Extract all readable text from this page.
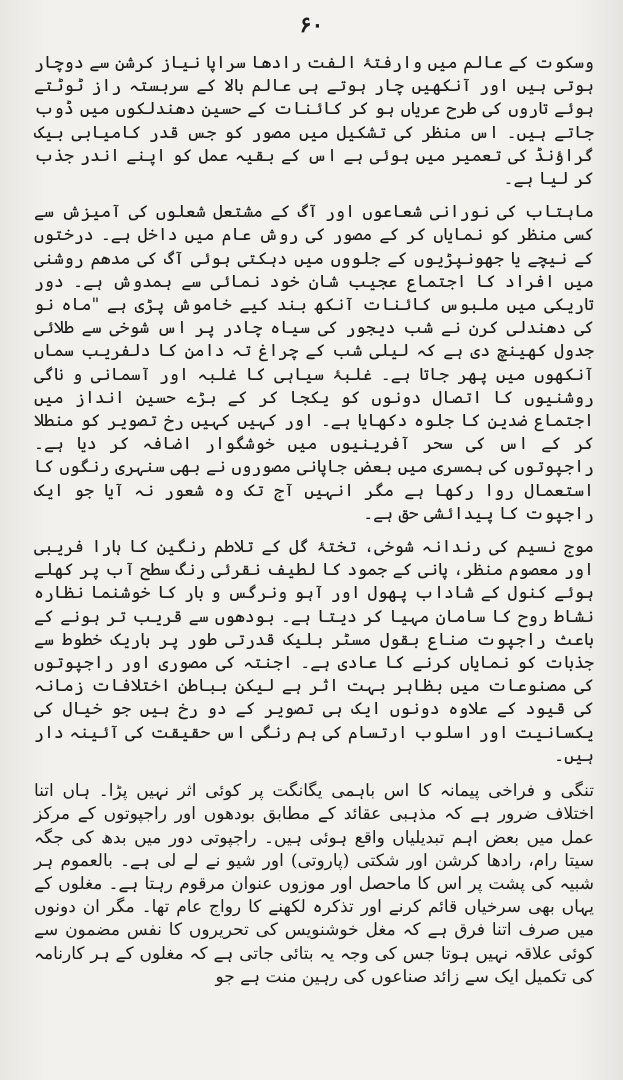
۶۰

وسکوت کے عالم میں وارفتۂ الفت رادھا سراپا نیاز کرشن سے دوچار ہوتی ہیں اور آنکھیں چار ہوتے ہی عالم بالا کے سربستہ راز ٹوٹتے ہوئے تاروں کی طرح عریاں ہو کر کائنات کے حسین دھندلکوں میں ڈوب جاتے ہیں۔ اس منظر کی تشکیل میں مصور کو جس قدر کامیابی بیک گراؤنڈ کی تعمیر میں ہوئی ہے اس کے بقیہ عمل کو اپنے اندر جذب کر لیا ہے۔

ماہتاب کی نورانی شعاعوں اور آگ کے مشتعل شعلوں کی آمیزش سے کسی منظر کو نمایاں کر کے مصور کی روش عام میں داخل ہے۔ درختوں کے نیچے یا جھونپڑیوں کے جلووں میں دہکتی ہوئی آگ کی مدھم روشنی میں افراد کا اجتماع عجیب شان خود نمائی سے ہمدوش ہے۔ دور تاریکی میں ملبوس کائنات آنکھ بند کیے خاموش پڑی ہے "ماہ نو کی دھندلی کرن نے شب دیجور کی سیاہ چادر پر اس شوخی سے طلائی جدول کھینچ دی ہے کہ لیلی شب کے چراغ تہ دامن کا دلفریب سماں آنکھوں میں پھر جاتا ہے۔ غلبۂ سیاہی کا غلبہ اور آسمانی و ناگی روشنیوں کا اتصال دونوں کو یکجا کر کے بڑے حسین انداز میں اجتماع ضدین کا جلوہ دکھایا ہے۔ اور کہیں کہیں رخ تصویر کو منطلا کر کے اس کی سحر آفرینیوں میں خوشگوار اضافہ کر دیا ہے۔ راجپوتوں کی ہمسری میں بعض جاپانی مصوروں نے بھی سنہری رنگوں کا استعمال روا رکھا ہے مگر انہیں آج تک وہ شعور نہ آیا جو ایک راجپوت کا پیدائشی حق ہے۔

موج نسیم کی رندانہ شوخی، تختۂ گل کے تلاطم رنگین کا ہارا فریبی اور معصوم منظر، پانی کے جمود کا لطیف نقرئی رنگ سطح آب پر کھلے ہوئے کنول کے شاداب پھول اور آہو ونرگس و بار کا خوشنما نظارہ نشاط روح کا سامان مہیا کر دیتا ہے۔ بودھوں سے قریب تر ہونے کے باعث راجپوت صناع بقول مسٹر بلیک قدرتی طور پر باریک خطوط سے جذبات کو نمایاں کرنے کا عادی ہے۔ اجنتہ کی مصوری اور راجپوتوں کی مصنوعات میں بظاہر بہت اثر ہے لیکن بباطن اختلافات زمانہ کی قیود کے علاوہ دونوں ایک ہی تصویر کے دو رخ ہیں جو خیال کی یکسانیت اور اسلوب ارتسام کی ہم رنگی اس حقیقت کی آئینہ دار ہیں۔

تنگی و فراخی پیمانہ کا اس باہمی یگانگت پر کوئی اثر نہیں پڑا۔ ہاں اتنا اختلاف ضرور ہے کہ مذہبی عقائد کے مطابق بودھوں اور راجپوتوں کے مرکز عمل میں بعض اہم تبدیلیاں واقع ہوئی ہیں۔ راجپوتی دور میں بدھ کی جگہ سیتا رام، رادھا کرشن اور شکتی (پاروتی) اور شیو نے لے لی ہے۔ بالعموم ہر شبیہ کی پشت پر اس کا ماحصل اور موزوں عنوان مرقوم رہتا ہے۔ مغلوں کے یہاں بھی سرخیاں قائم کرنے اور تذکرہ لکھنے کا رواج عام تھا۔ مگر ان دونوں میں صرف اتنا فرق ہے کہ مغل خوشنویس کی تحریروں کا نفس مضمون سے کوئی علاقہ نہیں ہوتا جس کی وجہ یہ بتائی جاتی ہے کہ مغلوں کے ہر کارنامہ کی تکمیل ایک سے زائد صناعوں کی رہین منت ہے جو
